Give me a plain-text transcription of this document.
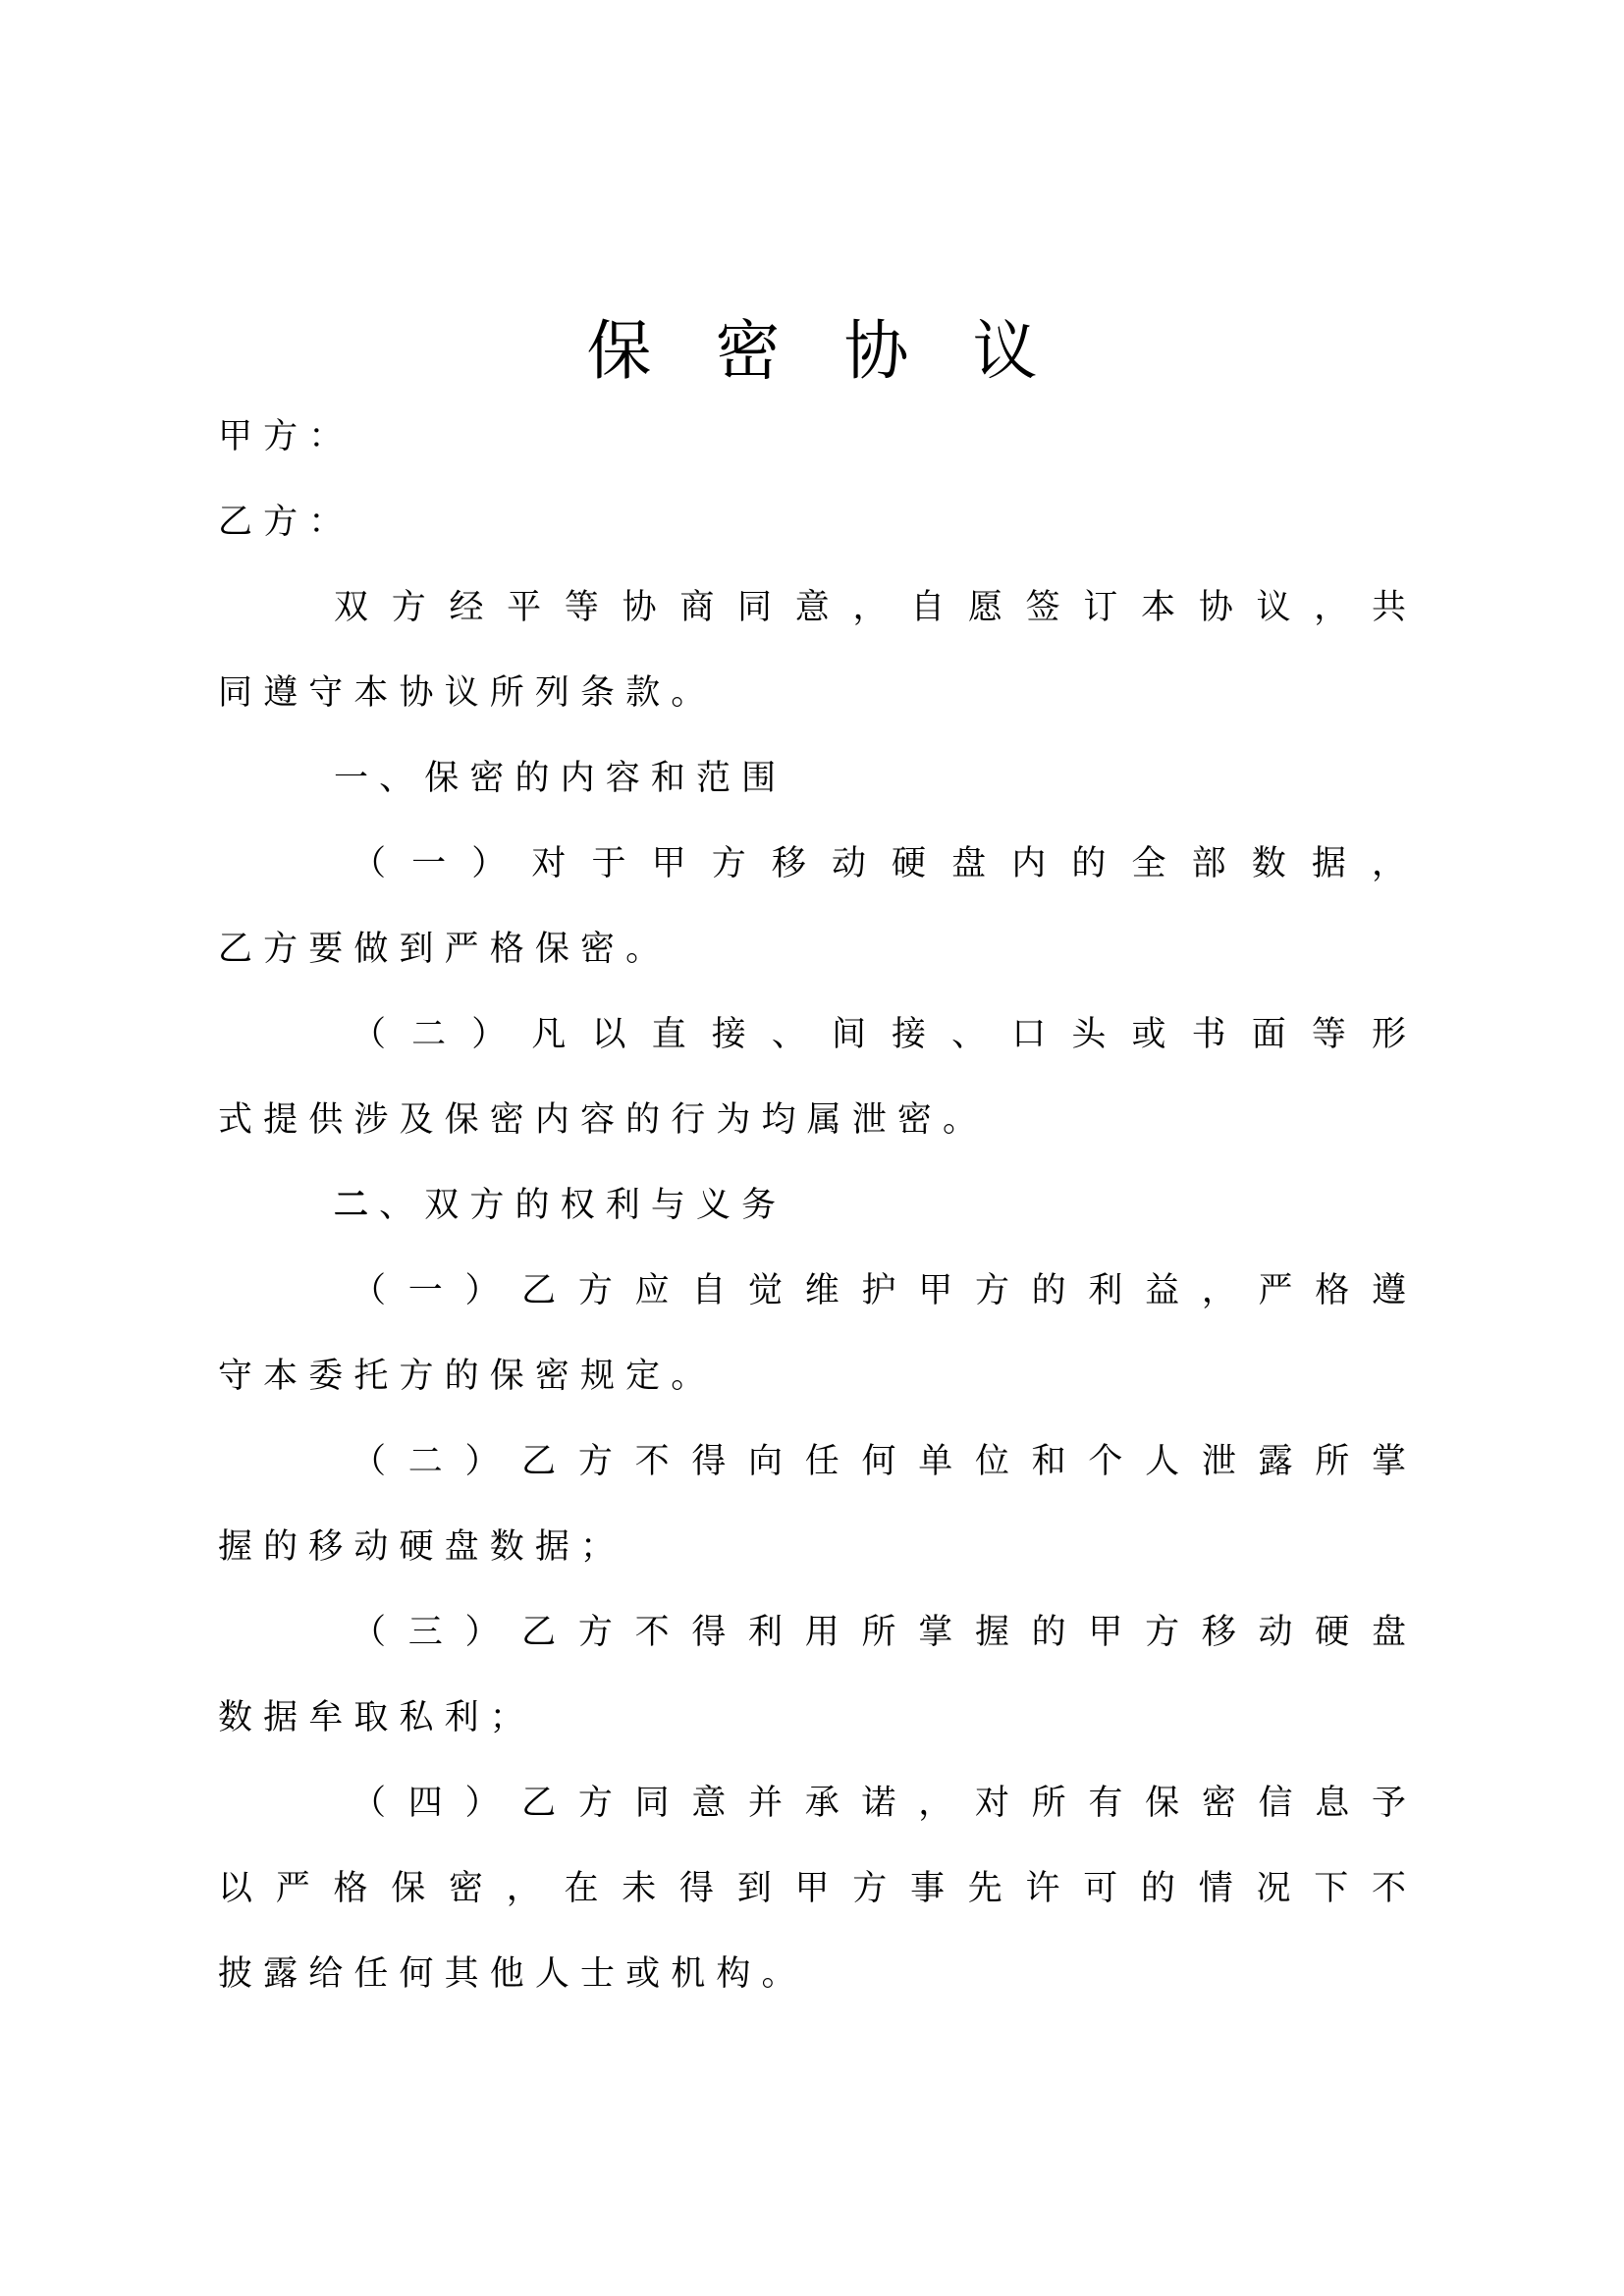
保 密 协 议
甲 方 ：
乙 方 ：
双 方 经 平 等 协 商 同 意 ， 自 愿 签 订 本 协 议 ， 共
同 遵 守 本 协 议 所 列 条 款 。
一 、 保 密 的 内 容 和 范 围
（ 一 ） 对 于 甲 方 移 动 硬 盘 内 的 全 部 数 据 ，
乙 方 要 做 到 严 格 保 密 。
（ 二 ） 凡 以 直 接 、 间 接 、 口 头 或 书 面 等 形
式 提 供 涉 及 保 密 内 容 的 行 为 均 属 泄 密 。
二 、 双 方 的 权 利 与 义 务
（ 一 ） 乙 方 应 自 觉 维 护 甲 方 的 利 益 ， 严 格 遵
守 本 委 托 方 的 保 密 规 定 。
（ 二 ） 乙 方 不 得 向 任 何 单 位 和 个 人 泄 露 所 掌
握 的 移 动 硬 盘 数 据 ；
（ 三 ） 乙 方 不 得 利 用 所 掌 握 的 甲 方 移 动 硬 盘
数 据 牟 取 私 利 ；
（ 四 ） 乙 方 同 意 并 承 诺 ， 对 所 有 保 密 信 息 予
以 严 格 保 密 ， 在 未 得 到 甲 方 事 先 许 可 的 情 况 下 不
披 露 给 任 何 其 他 人 士 或 机 构 。
